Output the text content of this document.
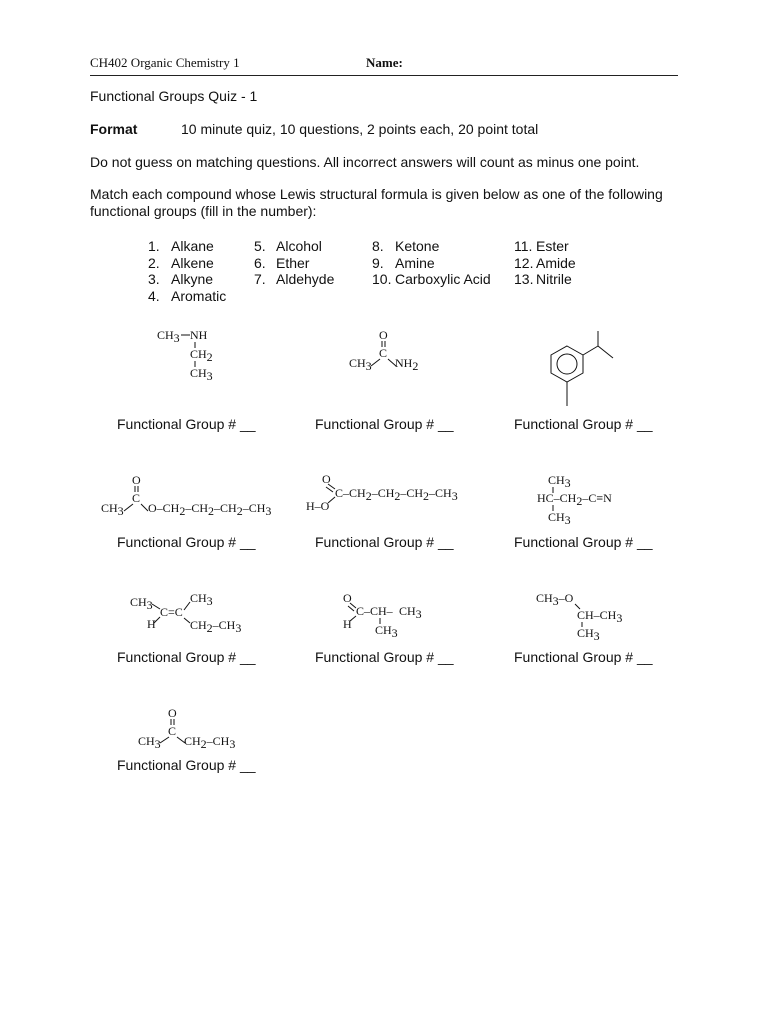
CH402 Organic Chemistry 1	Name:
Functional Groups Quiz - 1
Format	10 minute quiz, 10 questions, 2 points each, 20 point total
Do not guess on matching questions. All incorrect answers will count as minus one point.
Match each compound whose Lewis structural formula is given below as one of the following
functional groups (fill in the number):
1. Alkane
2. Alkene
3. Alkyne
4. Aromatic
5. Alcohol
6. Ether
7. Aldehyde
8. Ketone
9. Amine
10. Carboxylic Acid
11. Ester
12. Amide
13. Nitrile
CH3 NH
CH2
CH3
O
C
CH3 NH2
O
C
CH3 O–CH2–CH2–CH2–CH3
O
H–O
C–CH2–CH2–CH2–CH3
CH3
HC–CH2–C≡N
CH3
CH3
H
C=C
CH3
CH2–CH3
O
H
C–CH– CH3
CH3
CH3–O
CH–CH3
CH3
O
C
CH3 CH2–CH3
Functional Group # __	Functional Group # __	Functional Group # __
Functional Group # __	Functional Group # __	Functional Group # __
Functional Group # __	Functional Group # __	Functional Group # __
Functional Group # __
